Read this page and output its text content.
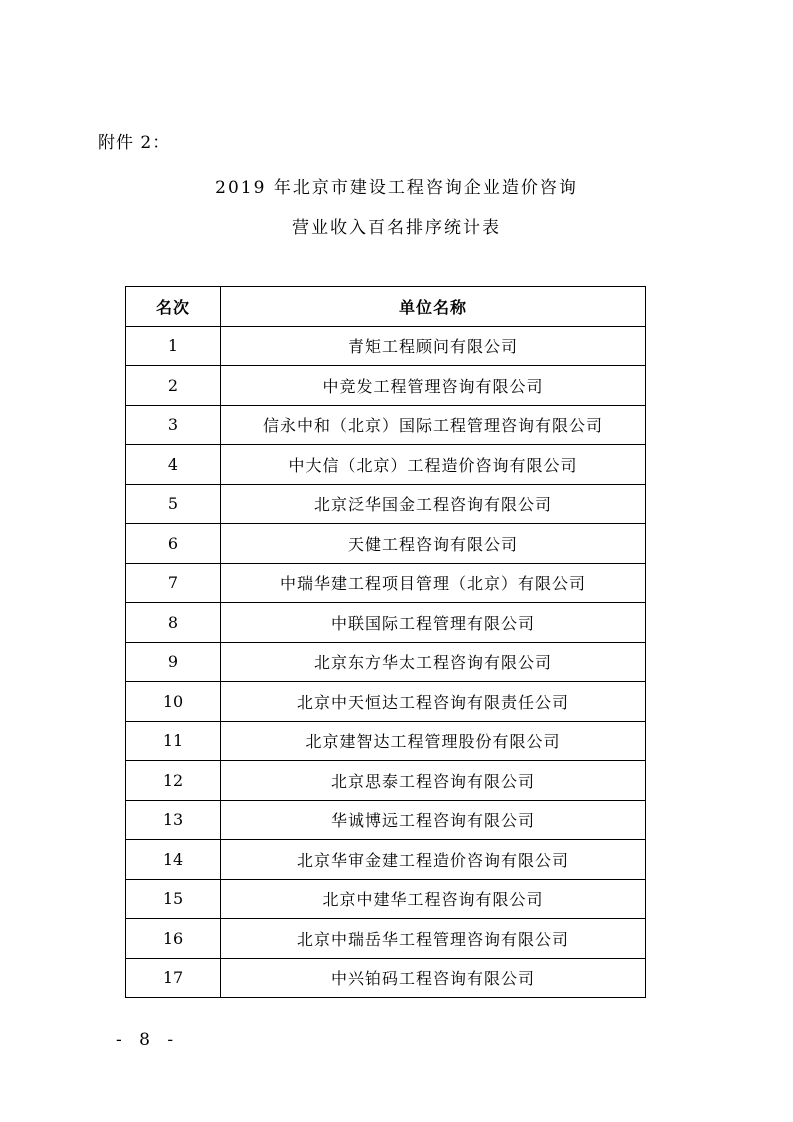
附件 2：
2019 年北京市建设工程咨询企业造价咨询
营业收入百名排序统计表
名次	单位名称
1	青矩工程顾问有限公司
2	中竞发工程管理咨询有限公司
3	信永中和（北京）国际工程管理咨询有限公司
4	中大信（北京）工程造价咨询有限公司
5	北京泛华国金工程咨询有限公司
6	天健工程咨询有限公司
7	中瑞华建工程项目管理（北京）有限公司
8	中联国际工程管理有限公司
9	北京东方华太工程咨询有限公司
10	北京中天恒达工程咨询有限责任公司
11	北京建智达工程管理股份有限公司
12	北京思泰工程咨询有限公司
13	华诚博远工程咨询有限公司
14	北京华审金建工程造价咨询有限公司
15	北京中建华工程咨询有限公司
16	北京中瑞岳华工程管理咨询有限公司
17	中兴铂码工程咨询有限公司
- 8 -
